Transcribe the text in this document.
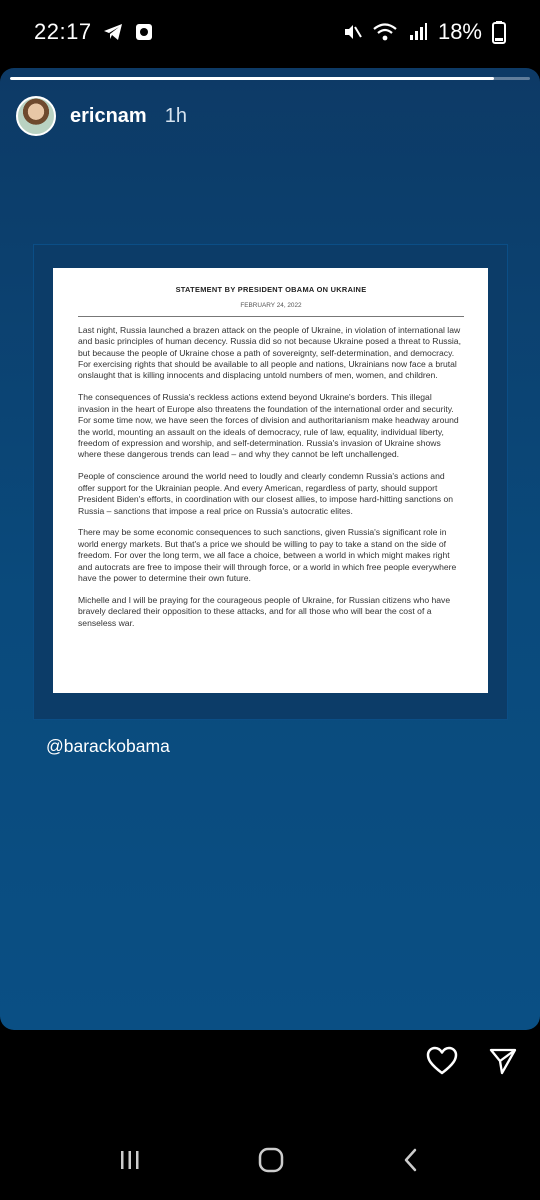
22:17	18%
ericnam 1h
STATEMENT BY PRESIDENT OBAMA ON UKRAINE
FEBRUARY 24, 2022

Last night, Russia launched a brazen attack on the people of Ukraine, in violation of international law and basic principles of human decency. Russia did so not because Ukraine posed a threat to Russia, but because the people of Ukraine chose a path of sovereignty, self-determination, and democracy. For exercising rights that should be available to all people and nations, Ukrainians now face a brutal onslaught that is killing innocents and displacing untold numbers of men, women, and children.

The consequences of Russia's reckless actions extend beyond Ukraine's borders. This illegal invasion in the heart of Europe also threatens the foundation of the international order and security. For some time now, we have seen the forces of division and authoritarianism make headway around the world, mounting an assault on the ideals of democracy, rule of law, equality, individual liberty, freedom of expression and worship, and self-determination. Russia's invasion of Ukraine shows where these dangerous trends can lead – and why they cannot be left unchallenged.

People of conscience around the world need to loudly and clearly condemn Russia's actions and offer support for the Ukrainian people. And every American, regardless of party, should support President Biden's efforts, in coordination with our closest allies, to impose hard-hitting sanctions on Russia – sanctions that impose a real price on Russia's autocratic elites.

There may be some economic consequences to such sanctions, given Russia's significant role in world energy markets. But that's a price we should be willing to pay to take a stand on the side of freedom. For over the long term, we all face a choice, between a world in which might makes right and autocrats are free to impose their will through force, or a world in which free people everywhere have the power to determine their own future.

Michelle and I will be praying for the courageous people of Ukraine, for Russian citizens who have bravely declared their opposition to these attacks, and for all those who will bear the cost of a senseless war.

@barackobama
